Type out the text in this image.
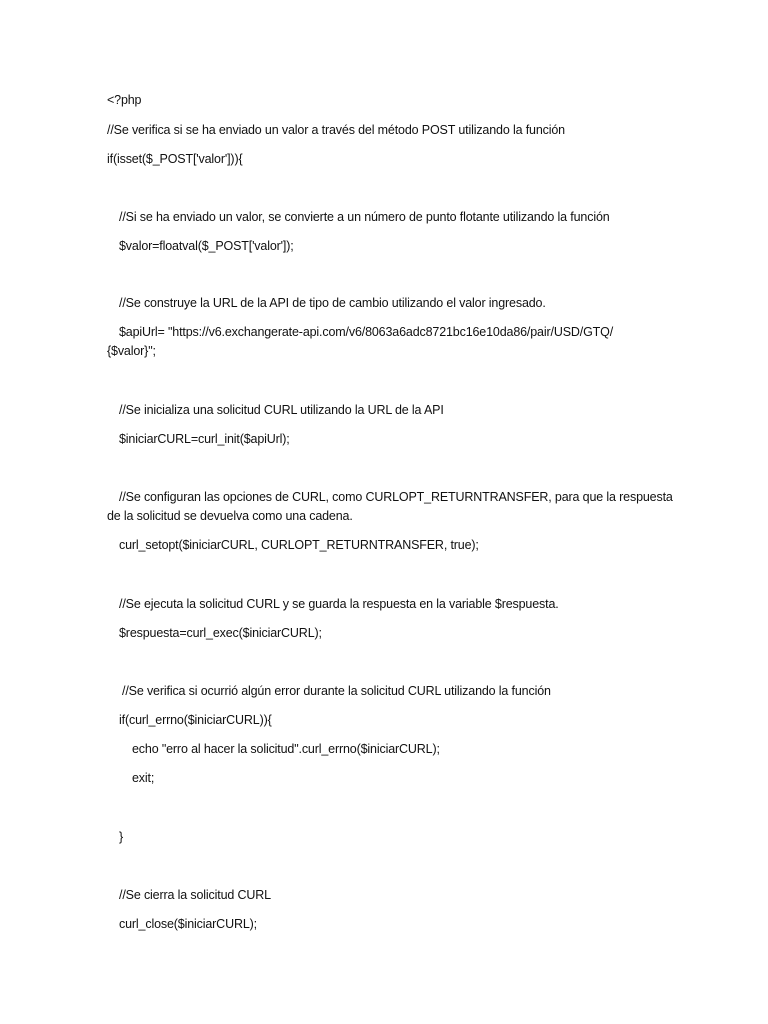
<?php
//Se verifica si se ha enviado un valor a través del método POST utilizando la función
if(isset($_POST['valor'])){
//Si se ha enviado un valor, se convierte a un número de punto flotante utilizando la función
$valor=floatval($_POST['valor']);
//Se construye la URL de la API de tipo de cambio utilizando el valor ingresado.
$apiUrl= "https://v6.exchangerate-api.com/v6/8063a6adc8721bc16e10da86/pair/USD/GTQ/
{$valor}";
//Se inicializa una solicitud CURL utilizando la URL de la API
$iniciarCURL=curl_init($apiUrl);
//Se configuran las opciones de CURL, como CURLOPT_RETURNTRANSFER, para que la respuesta
de la solicitud se devuelva como una cadena.
curl_setopt($iniciarCURL, CURLOPT_RETURNTRANSFER, true);
//Se ejecuta la solicitud CURL y se guarda la respuesta en la variable $respuesta.
$respuesta=curl_exec($iniciarCURL);
//Se verifica si ocurrió algún error durante la solicitud CURL utilizando la función
if(curl_errno($iniciarCURL)){
echo "erro al hacer la solicitud".curl_errno($iniciarCURL);
exit;
}
//Se cierra la solicitud CURL
curl_close($iniciarCURL);
